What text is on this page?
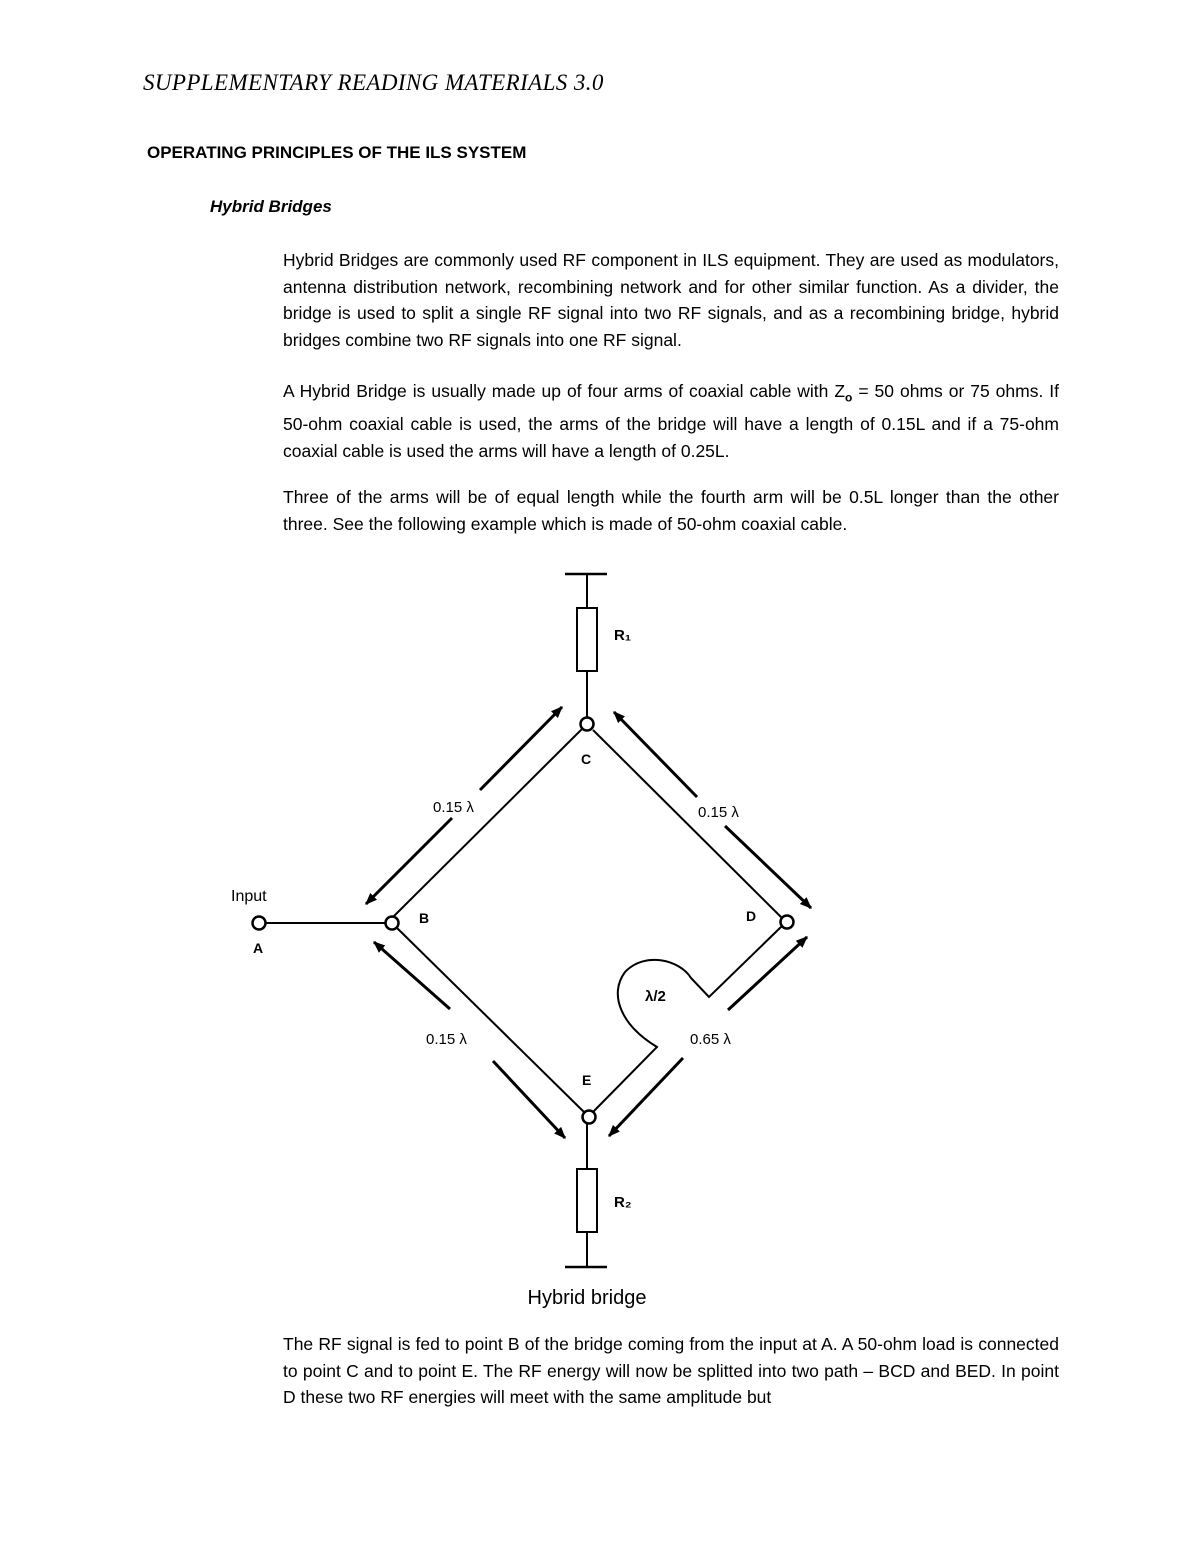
SUPPLEMENTARY READING MATERIALS 3.0
OPERATING PRINCIPLES OF THE ILS SYSTEM
Hybrid Bridges

Hybrid Bridges are commonly used RF component in ILS equipment. They are used as modulators, antenna distribution network, recombining network and for other similar function. As a divider, the bridge is used to split a single RF signal into two RF signals, and as a recombining bridge, hybrid bridges combine two RF signals into one RF signal.

A Hybrid Bridge is usually made up of four arms of coaxial cable with $Z_o = 50$ ohms or 75 ohms. If 50-ohm coaxial cable is used, the arms of the bridge will have a length of 0.15L and if a 75-ohm coaxial cable is used the arms will have a length of 0.25L.

Three of the arms will be of equal length while the fourth arm will be 0.5L longer than the other three. See the following example which is made of 50-ohm coaxial cable.

Input
A
B
C
D
E
R₁
R₂
0.15 λ	0.15 λ
0.15 λ	0.65 λ
λ/2

Hybrid bridge

The RF signal is fed to point B of the bridge coming from the input at A. A 50-ohm load is connected to point C and to point E. The RF energy will now be splitted into two path – BCD and BED. In point D these two RF energies will meet with the same amplitude but
